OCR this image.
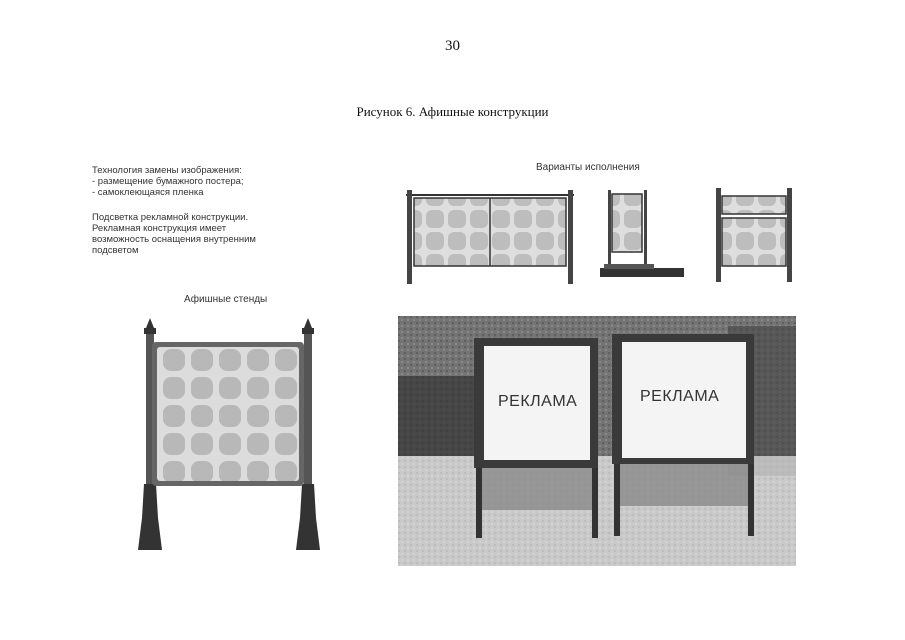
30
Рисунок 6. Афишные конструкции
Технология замены изображения:
- размещение бумажного постера;
- самоклеющаяся пленка
Подсветка рекламной конструкции.
Рекламная конструкция имеет
возможность оснащения внутренним
подсветом
Варианты исполнения
Афишные стенды
РЕКЛАМА	РЕКЛАМА
